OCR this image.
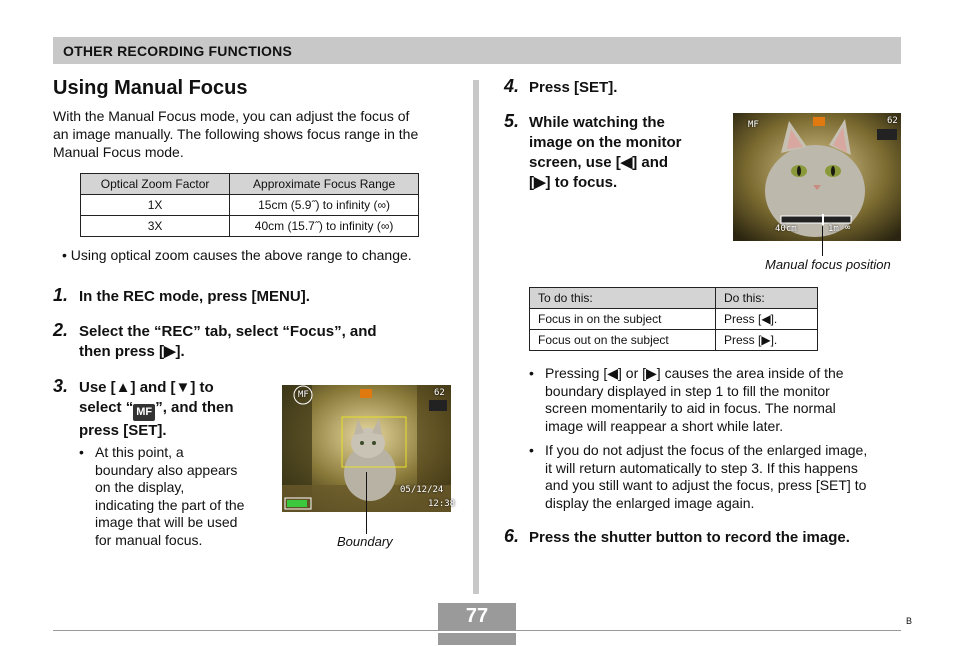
OTHER RECORDING FUNCTIONS
Using Manual Focus
With the Manual Focus mode, you can adjust the focus of
an image manually. The following shows focus range in the
Manual Focus mode.
Optical Zoom Factor	Approximate Focus Range
1X	15cm (5.9˝) to infinity (∞)
3X	40cm (15.7˝) to infinity (∞)
• Using optical zoom causes the above range to change.
1. In the REC mode, press [MENU].
2. Select the “REC” tab, select “Focus”, and
then press [▶].
3. Use [▲] and [▼] to
select “ MF ”, and then
press [SET].
• At this point, a
boundary also appears
on the display,
indicating the part of the
image that will be used
for manual focus.
MF	62
05/12/24
12:38
Boundary
4. Press [SET].
5. While watching the
image on the monitor
screen, use [◀] and
[▶] to focus.
MF	62
40cm	1m ∞
Manual focus position
To do this:	Do this:
Focus in on the subject	Press [◀].
Focus out on the subject	Press [▶].
• Pressing [◀] or [▶] causes the area inside of the
boundary displayed in step 1 to fill the monitor
screen momentarily to aid in focus. The normal
image will reappear a short while later.
• If you do not adjust the focus of the enlarged image,
it will return automatically to step 3. If this happens
and you still want to adjust the focus, press [SET] to
display the enlarged image again.
6. Press the shutter button to record the image.
77	B
